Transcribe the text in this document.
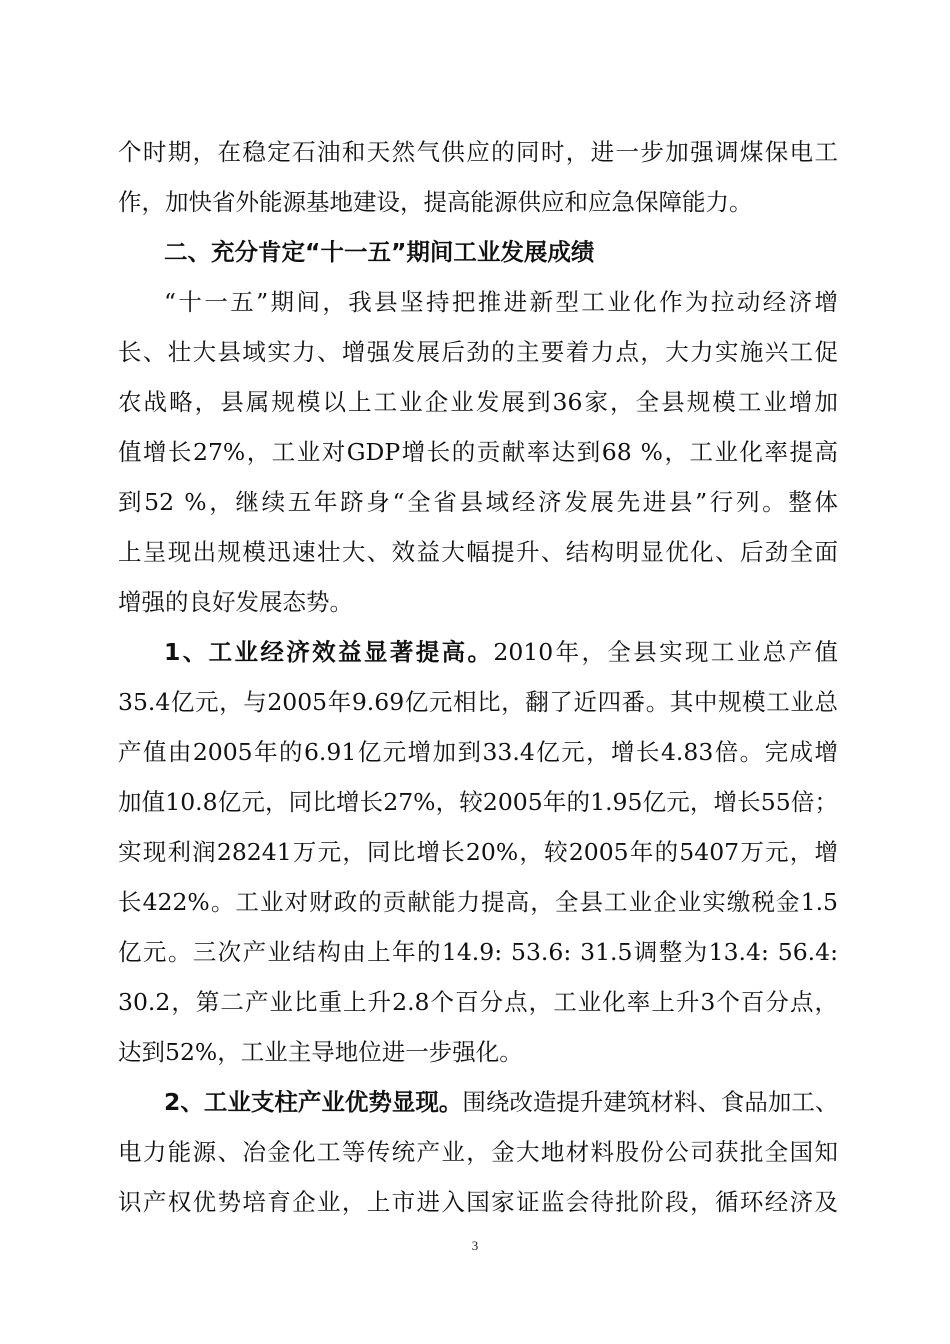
个时期，在稳定石油和天然气供应的同时，进一步加强调煤保电工
作，加快省外能源基地建设，提高能源供应和应急保障能力。
二、充分肯定“十一五”期间工业发展成绩
“十一五”期间，我县坚持把推进新型工业化作为拉动经济增
长、壮大县域实力、增强发展后劲的主要着力点，大力实施兴工促
农战略，县属规模以上工业企业发展到36家，全县规模工业增加
值增长27%，工业对GDP增长的贡献率达到68 %，工业化率提高
到52 %，继续五年跻身“全省县域经济发展先进县”行列。整体
上呈现出规模迅速壮大、效益大幅提升、结构明显优化、后劲全面
增强的良好发展态势。
1、工业经济效益显著提高。2010年，全县实现工业总产值
35.4亿元，与2005年9.69亿元相比，翻了近四番。其中规模工业总
产值由2005年的6.91亿元增加到33.4亿元，增长4.83倍。完成增
加值10.8亿元，同比增长27%，较2005年的1.95亿元，增长55倍；
实现利润28241万元，同比增长20%，较2005年的5407万元，增
长422%。工业对财政的贡献能力提高，全县工业企业实缴税金1.5
亿元。三次产业结构由上年的14.9: 53.6: 31.5调整为13.4: 56.4:
30.2，第二产业比重上升2.8个百分点，工业化率上升3个百分点，
达到52%，工业主导地位进一步强化。
2、工业支柱产业优势显现。围绕改造提升建筑材料、食品加工、
电力能源、冶金化工等传统产业，金大地材料股份公司获批全国知
识产权优势培育企业，上市进入国家证监会待批阶段，循环经济及
3
